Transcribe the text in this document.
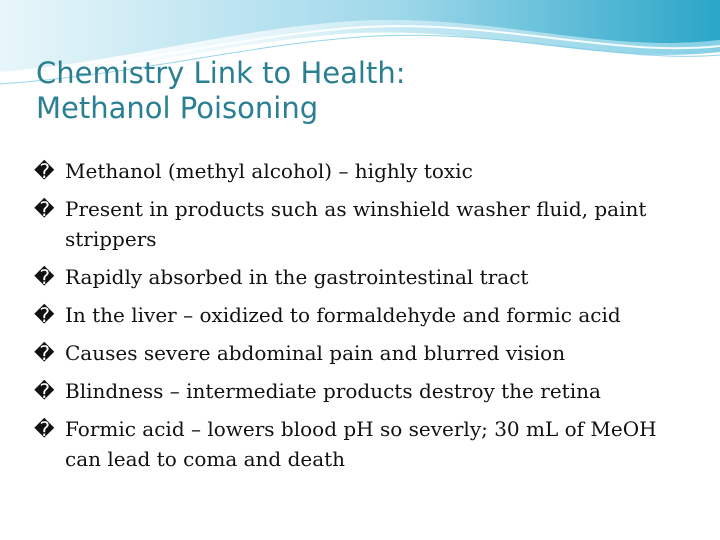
Chemistry Link to Health:
Methanol Poisoning
� Methanol (methyl alcohol) – highly toxic
� Present in products such as winshield washer fluid, paint strippers
� Rapidly absorbed in the gastrointestinal tract
� In the liver – oxidized to formaldehyde and formic acid
� Causes severe abdominal pain and blurred vision
� Blindness – intermediate products destroy the retina
� Formic acid – lowers blood pH so severly; 30 mL of MeOH can lead to coma and death
